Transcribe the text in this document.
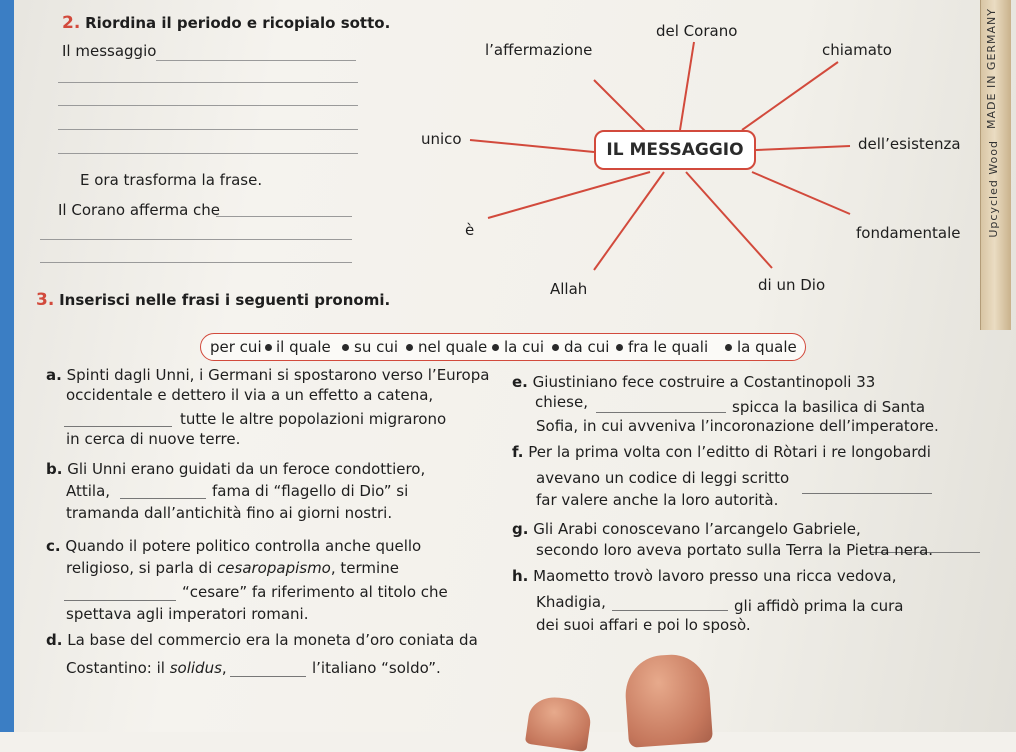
MADE IN GERMANY
Upcycled Wood
2. Riordina il periodo e ricopialo sotto.
Il messaggio
E ora trasforma la frase.
Il Corano afferma che
IL MESSAGGIO
del Corano
l’affermazione	chiamato
unico	dell’esistenza
è	fondamentale
Allah	di un Dio
3. Inserisci nelle frasi i seguenti pronomi.
per cui il quale su cui nel quale la cui da cui fra le quali la quale
a. Spinti dagli Unni, i Germani si spostarono verso l’Europa
occidentale e dettero il via a un effetto a catena,
tutte le altre popolazioni migrarono
in cerca di nuove terre.
b. Gli Unni erano guidati da un feroce condottiero,
Attila,	fama di “flagello di Dio” si
tramanda dall’antichità fino ai giorni nostri.
c. Quando il potere politico controlla anche quello
religioso, si parla di cesaropapismo, termine
“cesare” fa riferimento al titolo che
spettava agli imperatori romani.
d. La base del commercio era la moneta d’oro coniata da
Costantino: il solidus,	l’italiano “soldo”.
e. Giustiniano fece costruire a Costantinopoli 33
chiese,	spicca la basilica di Santa
Sofia, in cui avveniva l’incoronazione dell’imperatore.
f. Per la prima volta con l’editto di Ròtari i re longobardi
avevano un codice di leggi scritto
far valere anche la loro autorità.
g. Gli Arabi conoscevano l’arcangelo Gabriele,
secondo loro aveva portato sulla Terra la Pietra nera.
h. Maometto trovò lavoro presso una ricca vedova,
Khadigia,	gli affidò prima la cura
dei suoi affari e poi lo sposò.
